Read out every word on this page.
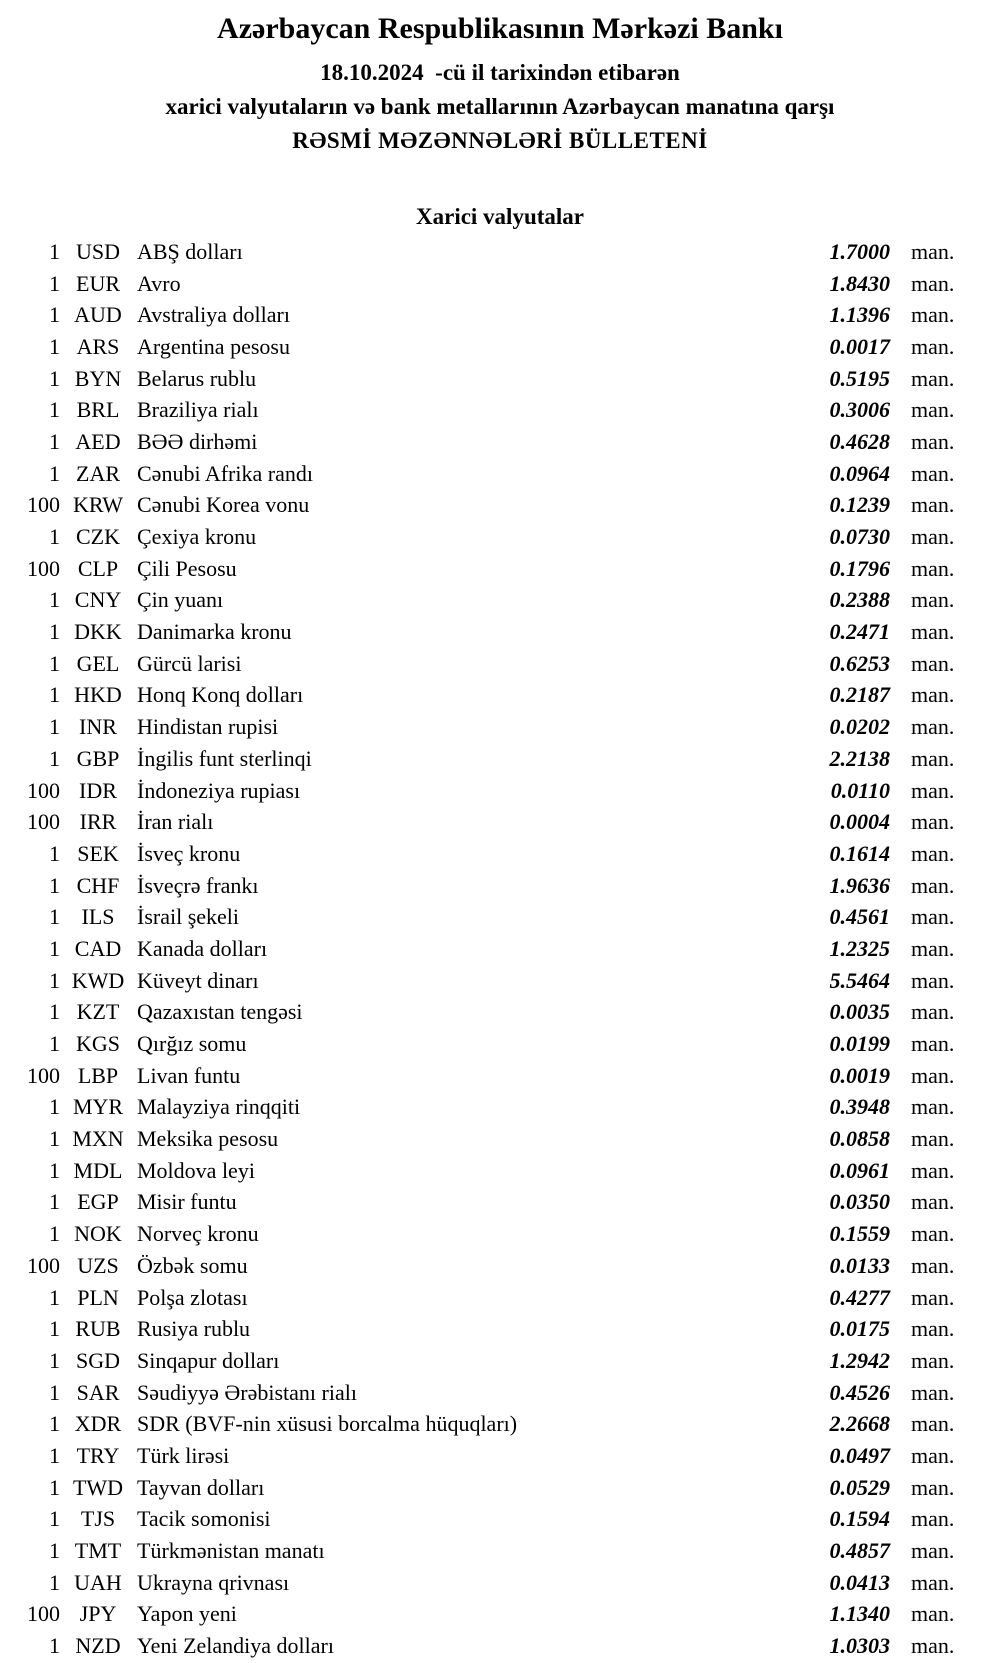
Azərbaycan Respublikasının Mərkəzi Bankı
18.10.2024  -cü il tarixindən etibarən
xarici valyutaların və bank metallarının Azərbaycan manatına qarşı
RƏSMİ MƏZƏNNƏLƏRİ BÜLLETENİ
Xarici valyutalar
1 USD ABŞ dolları	1.7000 man.
1 EUR Avro	1.8430 man.
1 AUD Avstraliya dolları	1.1396 man.
1 ARS Argentina pesosu	0.0017 man.
1 BYN Belarus rublu	0.5195 man.
1 BRL Braziliya rialı	0.3006 man.
1 AED BƏƏ dirhəmi	0.4628 man.
1 ZAR Cənubi Afrika randı	0.0964 man.
100 KRW Cənubi Korea vonu	0.1239 man.
1 CZK Çexiya kronu	0.0730 man.
100 CLP Çili Pesosu	0.1796 man.
1 CNY Çin yuanı	0.2388 man.
1 DKK Danimarka kronu	0.2471 man.
1 GEL Gürcü larisi	0.6253 man.
1 HKD Honq Konq dolları	0.2187 man.
1 INR Hindistan rupisi	0.0202 man.
1 GBP İngilis funt sterlinqi	2.2138 man.
100 IDR İndoneziya rupiası	0.0110 man.
100 IRR İran rialı	0.0004 man.
1 SEK İsveç kronu	0.1614 man.
1 CHF İsveçrə frankı	1.9636 man.
1 ILS	İsrail şekeli	0.4561 man.
1 CAD Kanada dolları	1.2325 man.
1 KWD Küveyt dinarı	5.5464 man.
1 KZT Qazaxıstan tengəsi	0.0035 man.
1 KGS Qırğız somu	0.0199 man.
100 LBP Livan funtu	0.0019 man.
1 MYR Malayziya rinqqiti	0.3948 man.
1 MXN Meksika pesosu	0.0858 man.
1 MDL Moldova leyi	0.0961 man.
1 EGP Misir funtu	0.0350 man.
1 NOK Norveç kronu	0.1559 man.
100 UZS Özbək somu	0.0133 man.
1 PLN Polşa zlotası	0.4277 man.
1 RUB Rusiya rublu	0.0175 man.
1 SGD Sinqapur dolları	1.2942 man.
1 SAR Səudiyyə Ərəbistanı rialı	0.4526 man.
1 XDR SDR (BVF-nin xüsusi borcalma hüquqları)	2.2668 man.
1 TRY Türk lirəsi	0.0497 man.
1 TWD Tayvan dolları	0.0529 man.
1 TJS Tacik somonisi	0.1594 man.
1 TMT Türkmənistan manatı	0.4857 man.
1 UAH Ukrayna qrivnası	0.0413 man.
100 JPY Yapon yeni	1.1340 man.
1 NZD Yeni Zelandiya dolları	1.0303 man.
